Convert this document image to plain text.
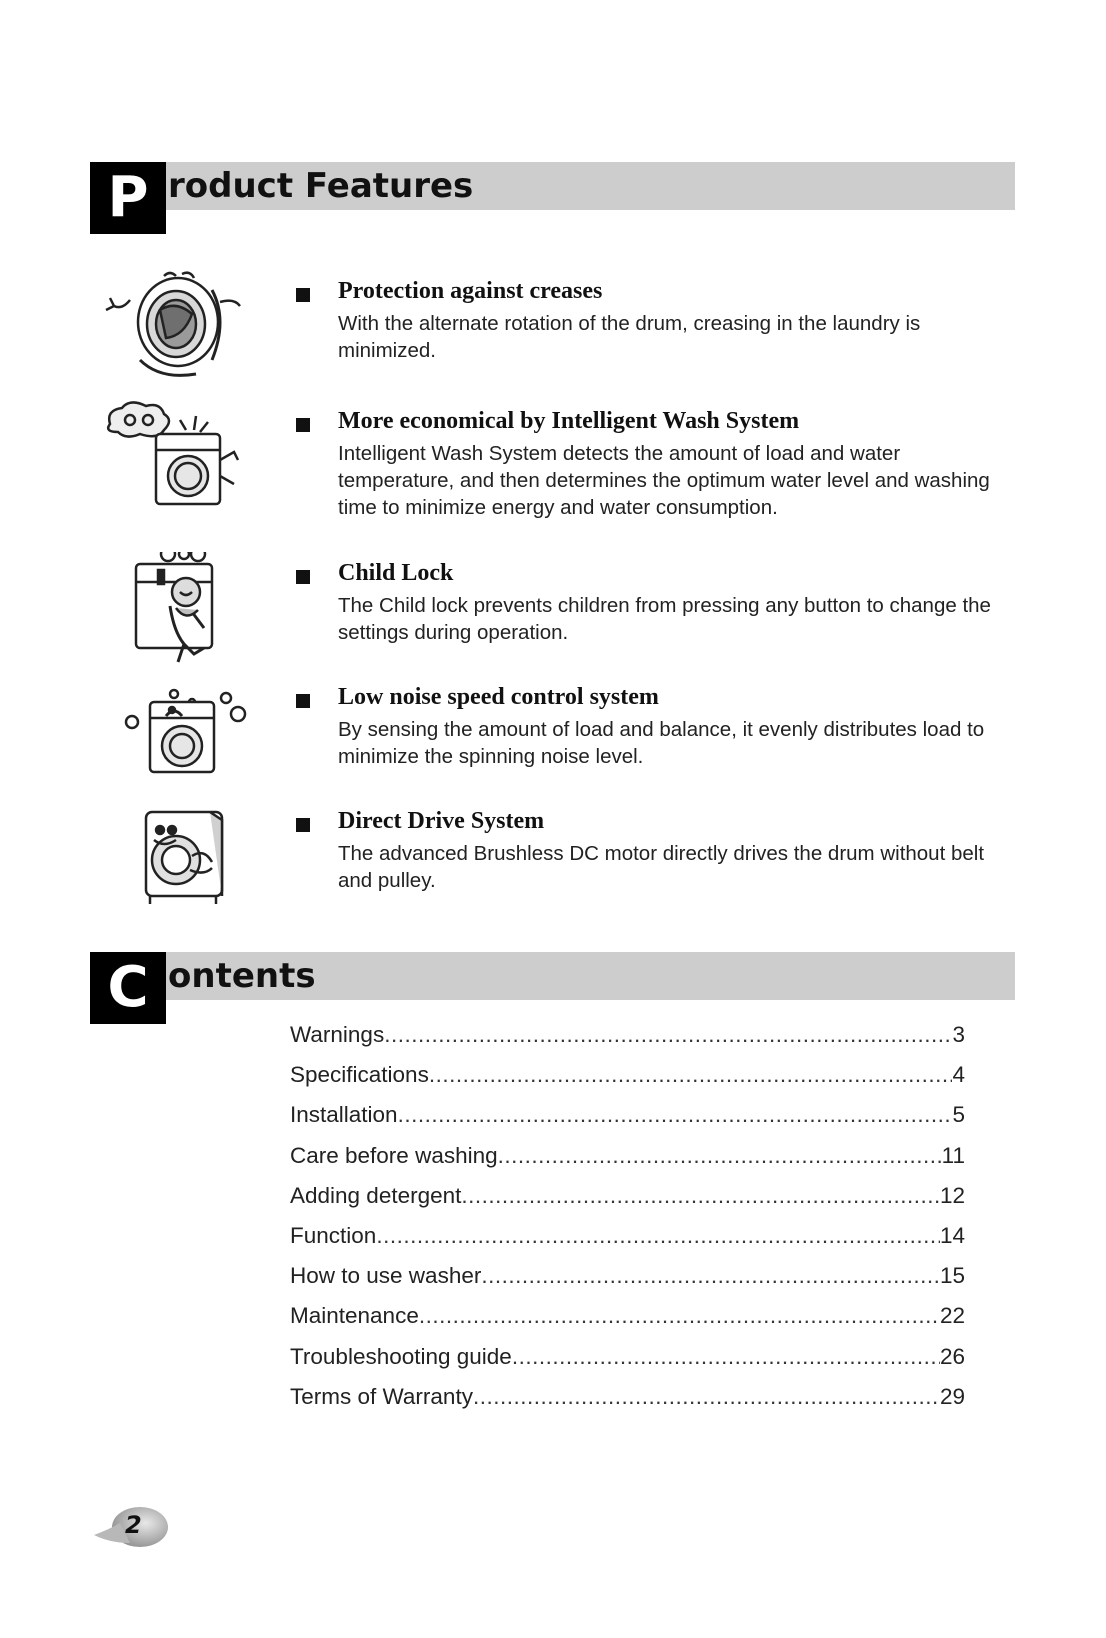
P roduct Features
Protection against creases
With the alternate rotation of the drum, creasing in the laundry is minimized.
More economical by Intelligent Wash System
Intelligent Wash System detects the amount of load and water temperature, and then determines the optimum water level and washing time to minimize energy and water consumption.
Child Lock
The Child lock prevents children from pressing any button to change the settings during operation.
Low noise speed control system
By sensing the amount of load and balance, it evenly distributes load to minimize the spinning noise level.
Direct Drive System
The advanced Brushless DC motor directly drives the drum without belt and pulley.
C ontents
Warnings .....	3
Specifications .....	4
Installation .....	5
Care before washing .....	11
Adding detergent .....	12
Function .....	14
How to use washer .....	15
Maintenance .....	22
Troubleshooting guide .....	26
Terms of Warranty .....	29
2
